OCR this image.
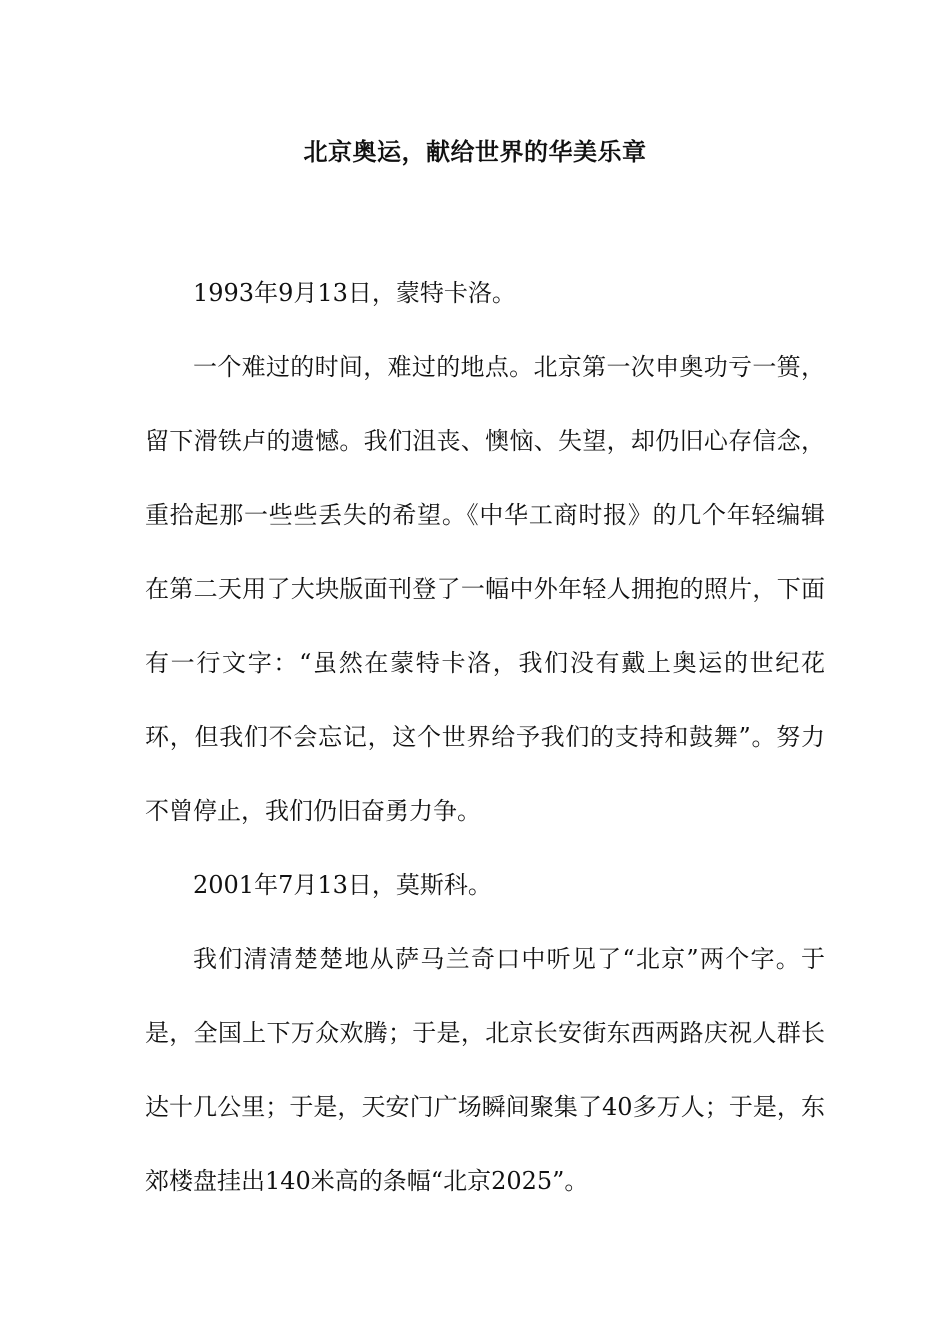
北京奥运，献给世界的华美乐章

1993年9月13日，蒙特卡洛。

一个难过的时间，难过的地点。北京第一次申奥功亏一篑，留下滑铁卢的遗憾。我们沮丧、懊恼、失望，却仍旧心存信念，重拾起那一些些丢失的希望。《中华工商时报》的几个年轻编辑在第二天用了大块版面刊登了一幅中外年轻人拥抱的照片，下面有一行文字：“虽然在蒙特卡洛，我们没有戴上奥运的世纪花环，但我们不会忘记，这个世界给予我们的支持和鼓舞”。努力不曾停止，我们仍旧奋勇力争。

2001年7月13日，莫斯科。

我们清清楚楚地从萨马兰奇口中听见了“北京”两个字。于是，全国上下万众欢腾；于是，北京长安街东西两路庆祝人群长达十几公里；于是，天安门广场瞬间聚集了40多万人；于是，东郊楼盘挂出140米高的条幅“北京2025”。
